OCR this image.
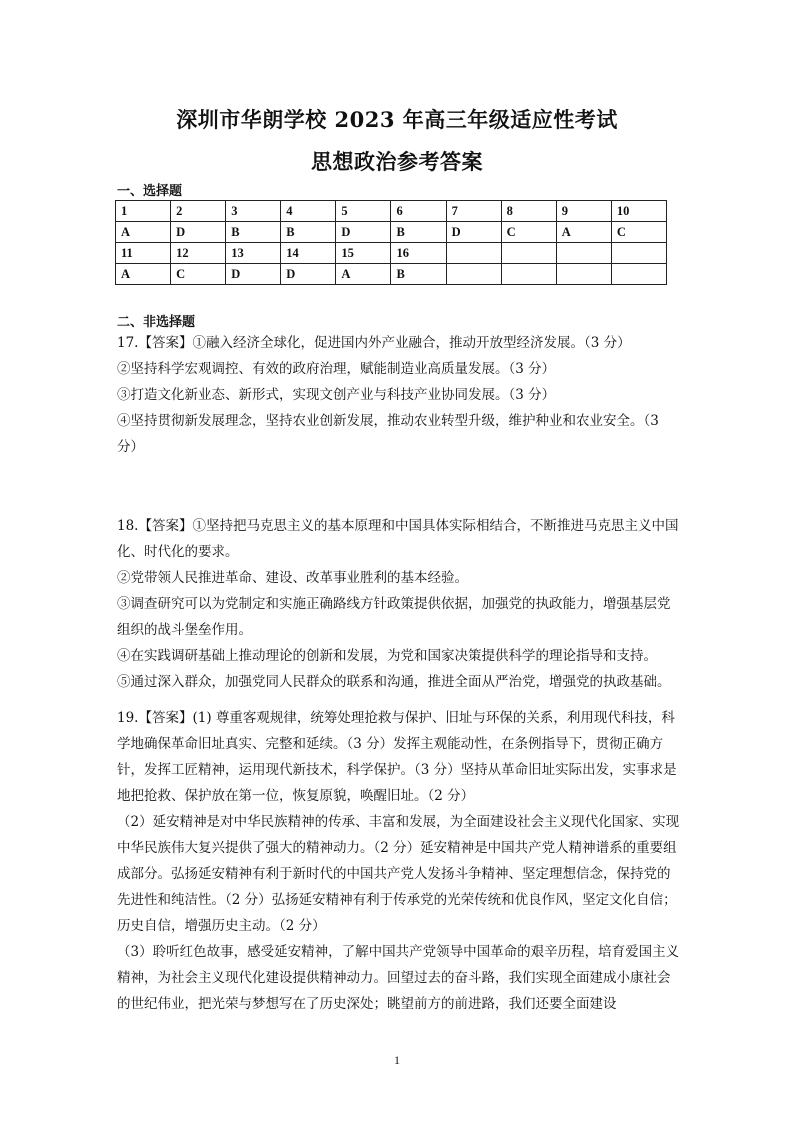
深圳市华朗学校 2023 年高三年级适应性考试
思想政治参考答案
一、选择题
1	2	3	4	5	6	7	8	9	10
A	D	B	B	D	B	D	C	A	C
11	12	13	14	15	16				
A	C	D	D	A	B				
二、非选择题

17.【答案】①融入经济全球化，促进国内外产业融合，推动开放型经济发展。（3 分）

②坚持科学宏观调控、有效的政府治理，赋能制造业高质量发展。（3 分）

③打造文化新业态、新形式，实现文创产业与科技产业协同发展。（3 分）

④坚持贯彻新发展理念，坚持农业创新发展，推动农业转型升级，维护种业和农业安全。（3 分）

18.【答案】①坚持把马克思主义的基本原理和中国具体实际相结合，不断推进马克思主义中国化、时代化的要求。

②党带领人民推进革命、建设、改革事业胜利的基本经验。

③调查研究可以为党制定和实施正确路线方针政策提供依据，加强党的执政能力，增强基层党组织的战斗堡垒作用。

④在实践调研基础上推动理论的创新和发展，为党和国家决策提供科学的理论指导和支持。

⑤通过深入群众，加强党同人民群众的联系和沟通，推进全面从严治党，增强党的执政基础。

19.【答案】(1) 尊重客观规律，统筹处理抢救与保护、旧址与环保的关系，利用现代科技，科学地确保革命旧址真实、完整和延续。（3 分）发挥主观能动性，在条例指导下，贯彻正确方针，发挥工匠精神，运用现代新技术，科学保护。（3 分）坚持从革命旧址实际出发，实事求是地把抢救、保护放在第一位，恢复原貌，唤醒旧址。（2 分）

（2）延安精神是对中华民族精神的传承、丰富和发展，为全面建设社会主义现代化国家、实现中华民族伟大复兴提供了强大的精神动力。（2 分）延安精神是中国共产党人精神谱系的重要组成部分。弘扬延安精神有利于新时代的中国共产党人发扬斗争精神、坚定理想信念，保持党的先进性和纯洁性。（2 分）弘扬延安精神有利于传承党的光荣传统和优良作风，坚定文化自信；历史自信，增强历史主动。（2 分）

（3）聆听红色故事，感受延安精神，了解中国共产党领导中国革命的艰辛历程，培育爱国主义精神，为社会主义现代化建设提供精神动力。回望过去的奋斗路，我们实现全面建成小康社会的世纪伟业，把光荣与梦想写在了历史深处；眺望前方的前进路，我们还要全面建设

1
